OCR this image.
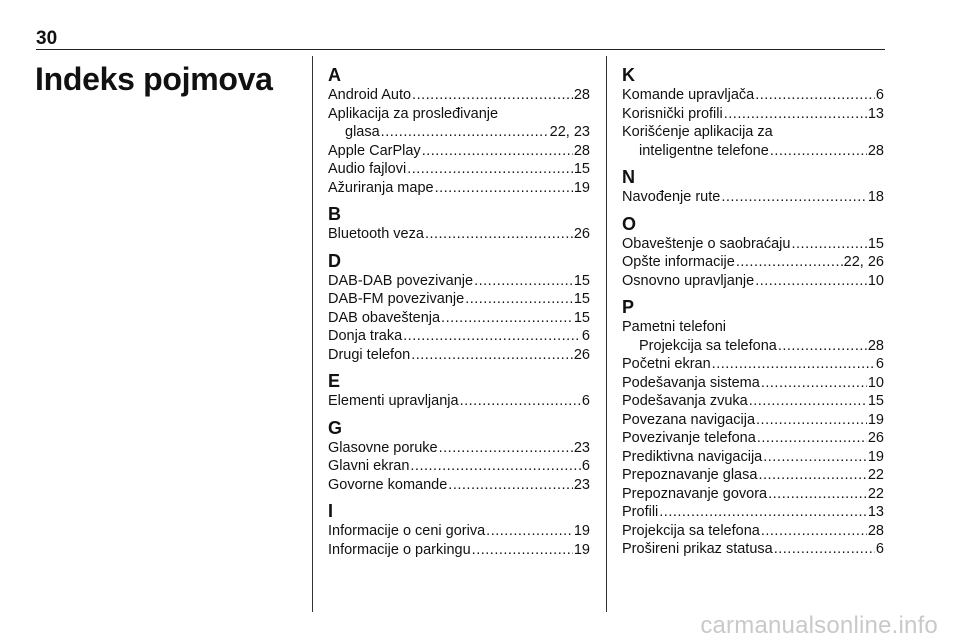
30
Indeks pojmova	A
Android Auto .....	28
Aplikacija za prosleđivanje
glasa .....	22, 23
Apple CarPlay .....	28
Audio fajlovi .....	15
Ažuriranja mape .....	19
B
Bluetooth veza .....	26
D
DAB-DAB povezivanje .....	15
DAB-FM povezivanje .....	15
DAB obaveštenja .....	15
Donja traka .....	6
Drugi telefon .....	26
E
Elementi upravljanja .....	6
G
Glasovne poruke .....	23
Glavni ekran .....	6
Govorne komande .....	23
I
Informacije o ceni goriva .....	19
Informacije o parkingu .....	19
K
Komande upravljača .....	6
Korisnički profili .....	13
Korišćenje aplikacija za
inteligentne telefone .....	28
N
Navođenje rute .....	18
O
Obaveštenje o saobraćaju .....	15
Opšte informacije .....	22, 26
Osnovno upravljanje .....	10
P
Pametni telefoni
Projekcija sa telefona .....	28
Početni ekran .....	6
Podešavanja sistema .....	10
Podešavanja zvuka .....	15
Povezana navigacija .....	19
Povezivanje telefona .....	26
Prediktivna navigacija .....	19
Prepoznavanje glasa .....	22
Prepoznavanje govora .....	22
Profili .....	13
Projekcija sa telefona .....	28
Prošireni prikaz statusa .....	6
carmanualsonline.info
